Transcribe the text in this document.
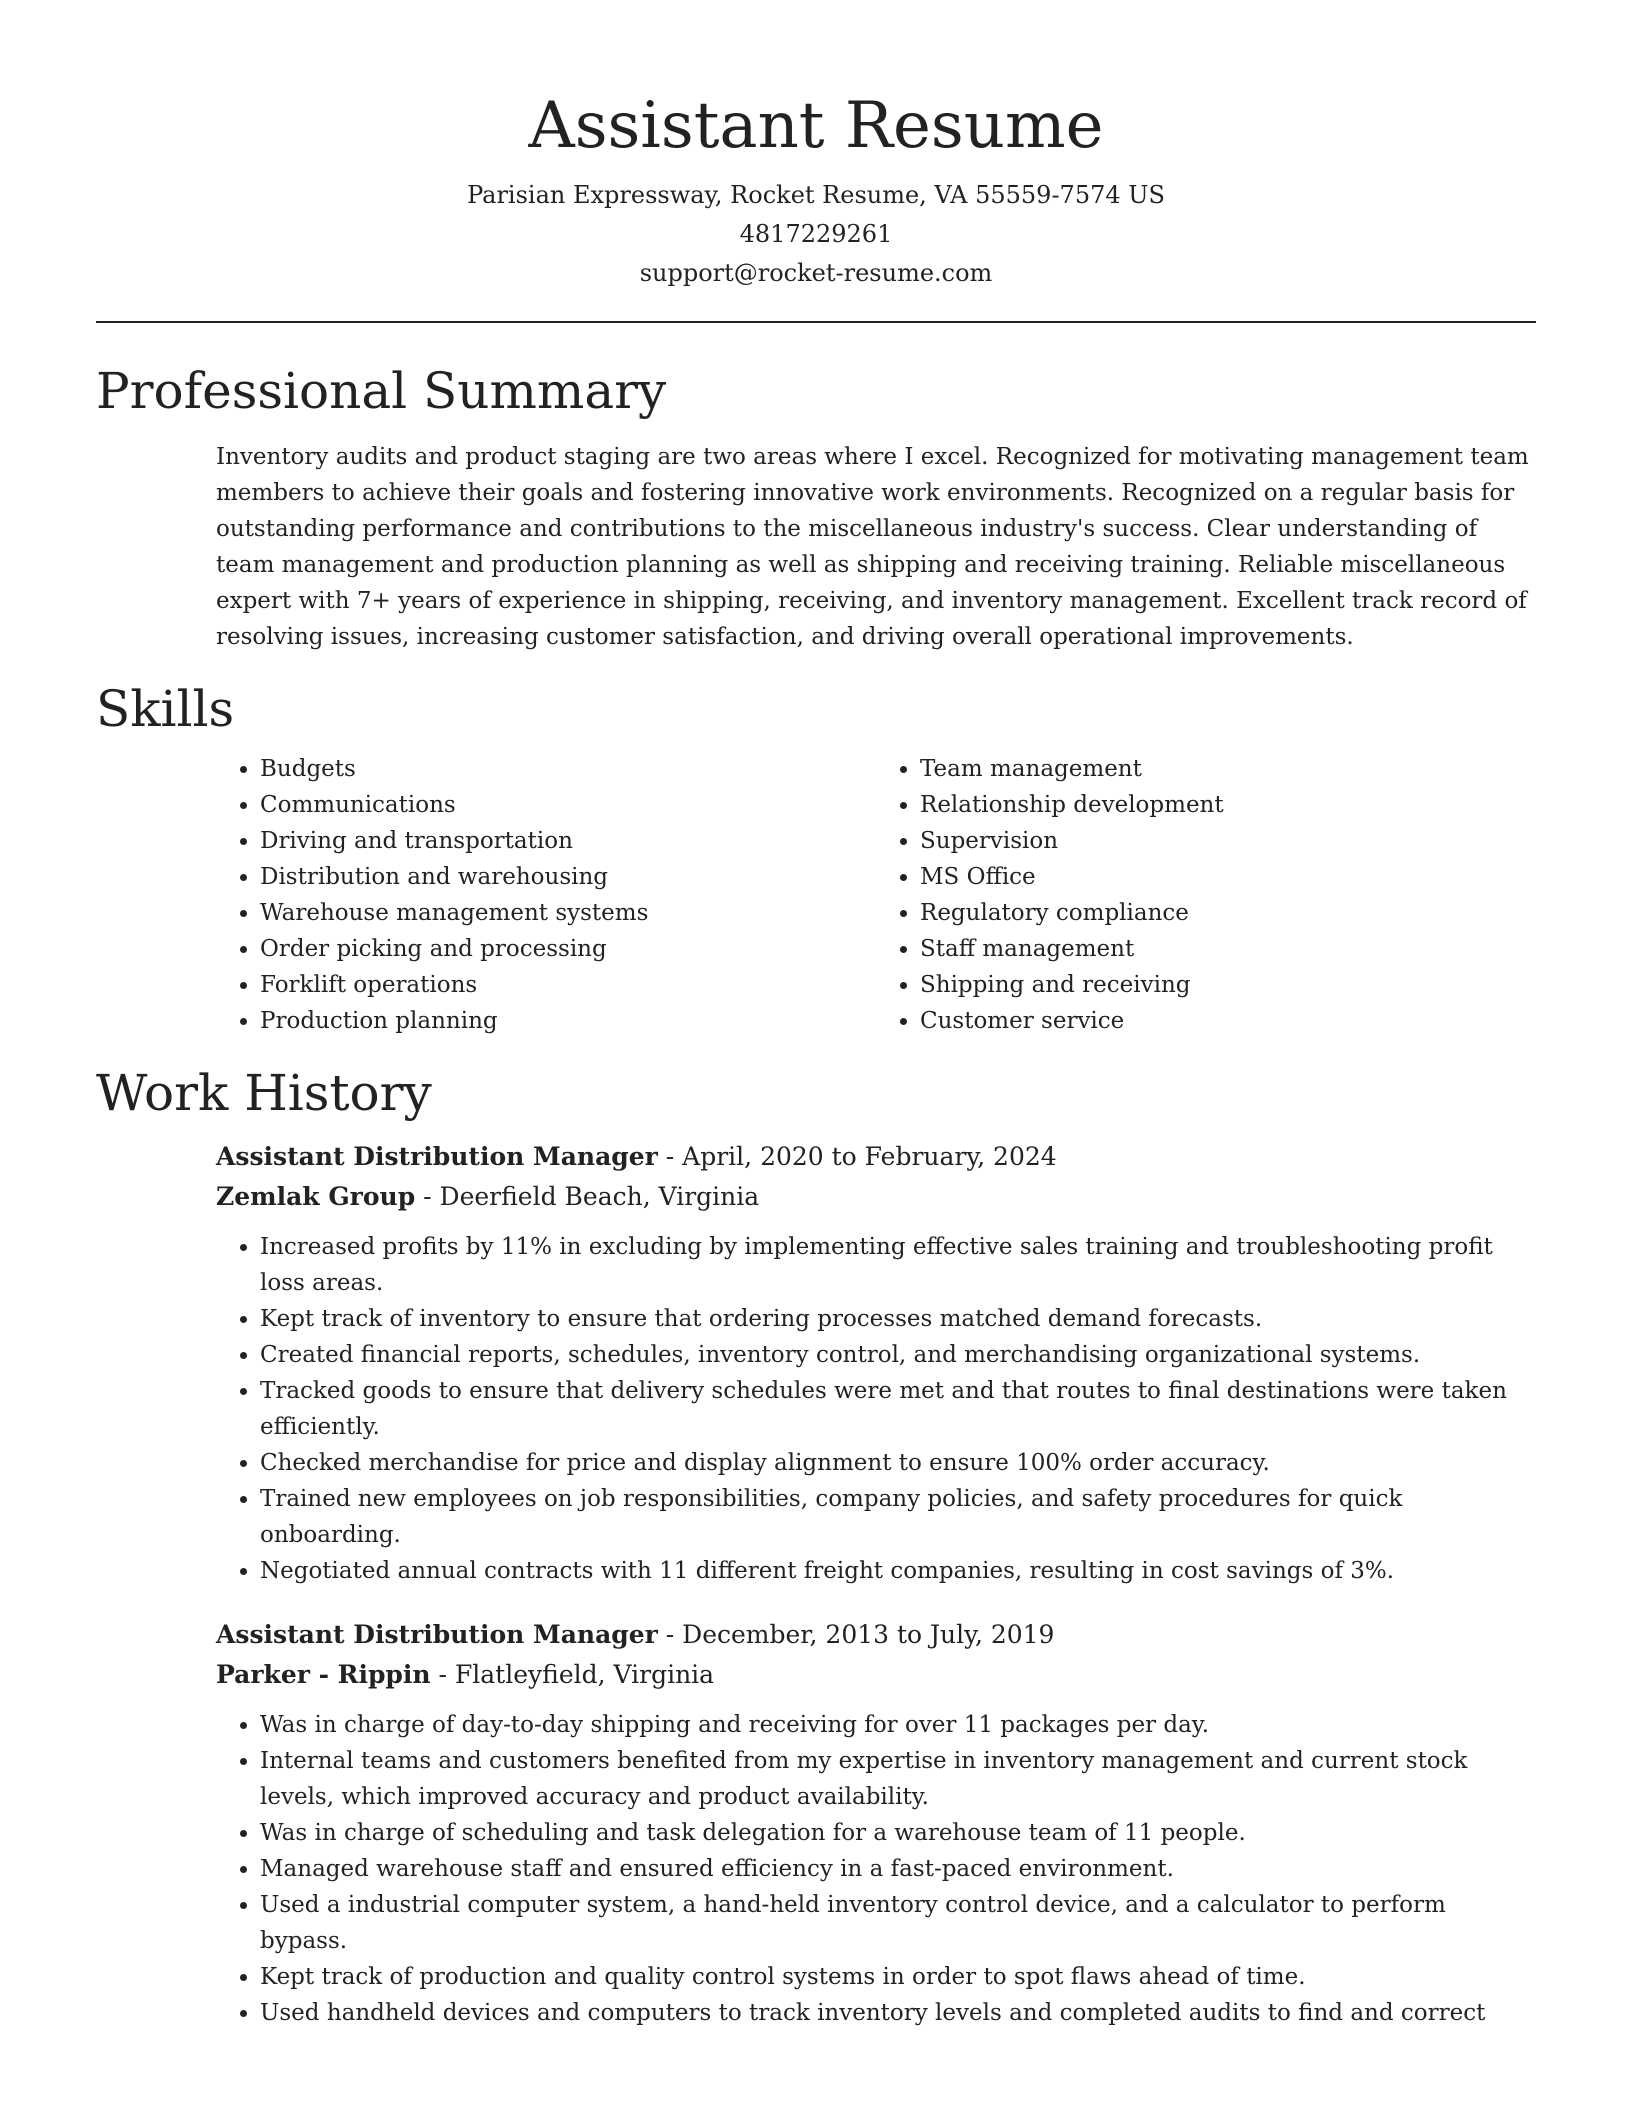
Assistant Resume
Parisian Expressway, Rocket Resume, VA 55559-7574 US
4817229261
support@rocket-resume.com
Professional Summary

Inventory audits and product staging are two areas where I excel. Recognized for motivating management team members to achieve their goals and fostering innovative work environments. Recognized on a regular basis for outstanding performance and contributions to the miscellaneous industry's success. Clear understanding of team management and production planning as well as shipping and receiving training. Reliable miscellaneous expert with 7+ years of experience in shipping, receiving, and inventory management. Excellent track record of resolving issues, increasing customer satisfaction, and driving overall operational improvements.

Skills
• Budgets
• Communications
• Driving and transportation
• Distribution and warehousing
• Warehouse management systems
• Order picking and processing
• Forklift operations
• Production planning
• Team management
• Relationship development
• Supervision
• MS Office
• Regulatory compliance
• Staff management
• Shipping and receiving
• Customer service
Work History
Assistant Distribution Manager - April, 2020 to February, 2024
Zemlak Group - Deerfield Beach, Virginia
• Increased profits by 11% in excluding by implementing effective sales training and troubleshooting profit loss areas.
• Kept track of inventory to ensure that ordering processes matched demand forecasts.
• Created financial reports, schedules, inventory control, and merchandising organizational systems.
• Tracked goods to ensure that delivery schedules were met and that routes to final destinations were taken efficiently.
• Checked merchandise for price and display alignment to ensure 100% order accuracy.
• Trained new employees on job responsibilities, company policies, and safety procedures for quick onboarding.
• Negotiated annual contracts with 11 different freight companies, resulting in cost savings of 3%.
Assistant Distribution Manager - December, 2013 to July, 2019
Parker - Rippin - Flatleyfield, Virginia
• Was in charge of day-to-day shipping and receiving for over 11 packages per day.
• Internal teams and customers benefited from my expertise in inventory management and current stock levels, which improved accuracy and product availability.
• Was in charge of scheduling and task delegation for a warehouse team of 11 people.
• Managed warehouse staff and ensured efficiency in a fast-paced environment.
• Used a industrial computer system, a hand-held inventory control device, and a calculator to perform bypass.
• Kept track of production and quality control systems in order to spot flaws ahead of time.
• Used handheld devices and computers to track inventory levels and completed audits to find and correct
